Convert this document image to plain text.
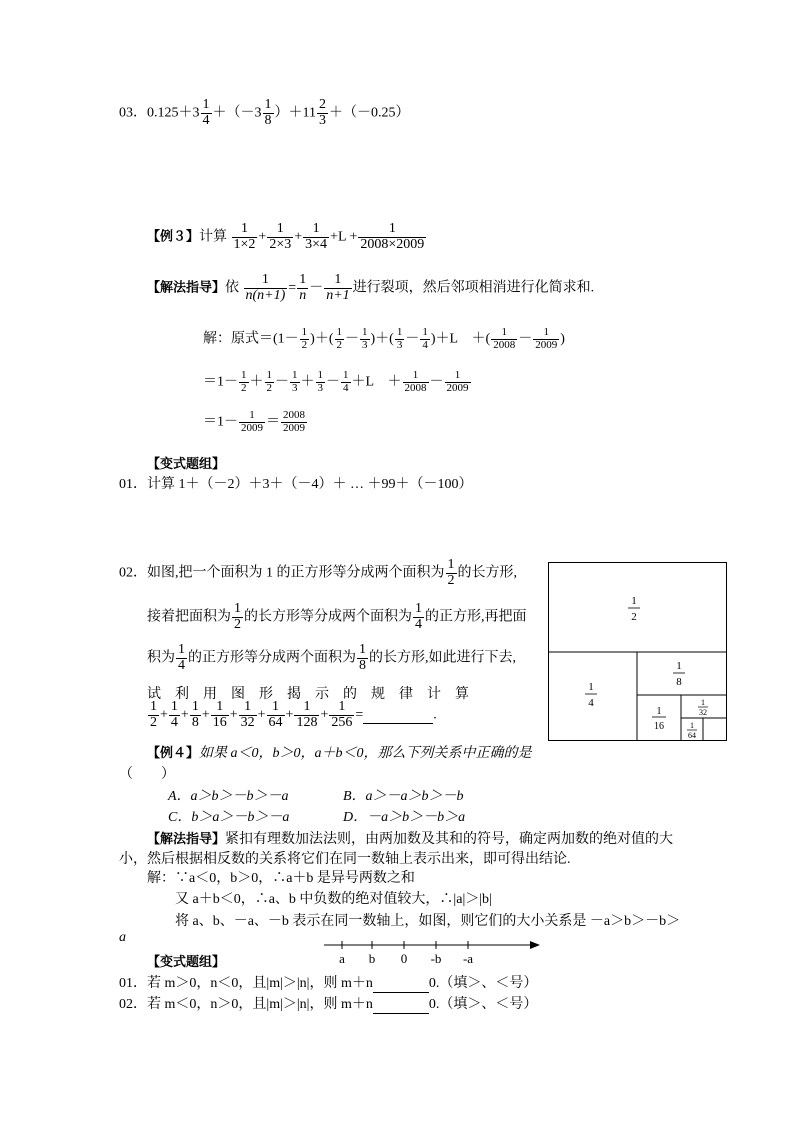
03．$0.125+3 \frac{1}{4} +(-3 \frac{1}{8} )+11 \frac{2}{3} +(-0.25)$
【例３】计算 $\frac{1}{1\times 2} + \frac{1}{2\times 3} + \frac{1}{3\times 4} +L + \frac{1}{2008\times 2009}$
【解法指导】依 $\frac{1}{n(n+1)} = \frac{1}{n} - \frac{1}{n+1}$ 进行裂项，然后邻项相消进行化简求和.
解：原式$=(1- \frac{1}{2}$ )＋( $\frac{1}{2} - \frac{1}{3}$ )＋( $\frac{1}{3} - \frac{1}{4} )+L$　＋( $\frac{1}{2008} - \frac{1}{2009}$ )
$=1- \frac{1}{2} + \frac{1}{2} - \frac{1}{3} + \frac{1}{3} - \frac{1}{4} +L$　＋ $\frac{1}{2008} - \frac{1}{2009}$
$=1- \frac{1}{2009} = \frac{2008}{2009}$
【变式题组】
01．计算 1＋（－2）＋3＋（－4）＋ … ＋99＋（－100）
02．如图,把一个面积为 1 的正方形等分成两个面积为 $\frac{1}{2}$ 的长方形,
接着把面积为 $\frac{1}{2}$ 的长方形等分成两个面积为 $\frac{1}{4}$ 的正方形,再把面
积为 $\frac{1}{4}$ 的正方形等分成两个面积为 $\frac{1}{8}$ 的长方形,如此进行下去,
试　利　用　图　形　揭　示　的　规　律　计　算
$\frac{1}{2} + \frac{1}{4} + \frac{1}{8} + \frac{1}{16} + \frac{1}{32} + \frac{1}{64} + \frac{1}{128} + \frac{1}{256}$ =	.
1
2
1
4
1
8
1
16
1
32
1
64
【例４】如果 a＜0，b＞0，a＋b＜0，那么下列关系中正确的是
（　　）
A．a＞b＞－b＞－a	B．a＞－a＞b＞－b
C．b＞a＞－b＞－a	D．－a＞b＞－b＞a
【解法指导】紧扣有理数加法法则，由两加数及其和的符号，确定两加数的绝对值的大
小，然后根据相反数的关系将它们在同一数轴上表示出来，即可得出结论.
解：∵a＜0，b＞0，∴a＋b 是异号两数之和
又 a＋b＜0，∴a、b 中负数的绝对值较大，∴|a|＞|b|
将 a、b、－a、－b 表示在同一数轴上，如图，则它们的大小关系是 －a＞b＞－b＞
a
a b 0 -b -a
【变式题组】
01．若 m＞0，n＜0，且|m|＞|n|，则 m＋n	0.（填＞、＜号）
02．若 m＜0，n＞0，且|m|＞|n|，则 m＋n	0.（填＞、＜号）
